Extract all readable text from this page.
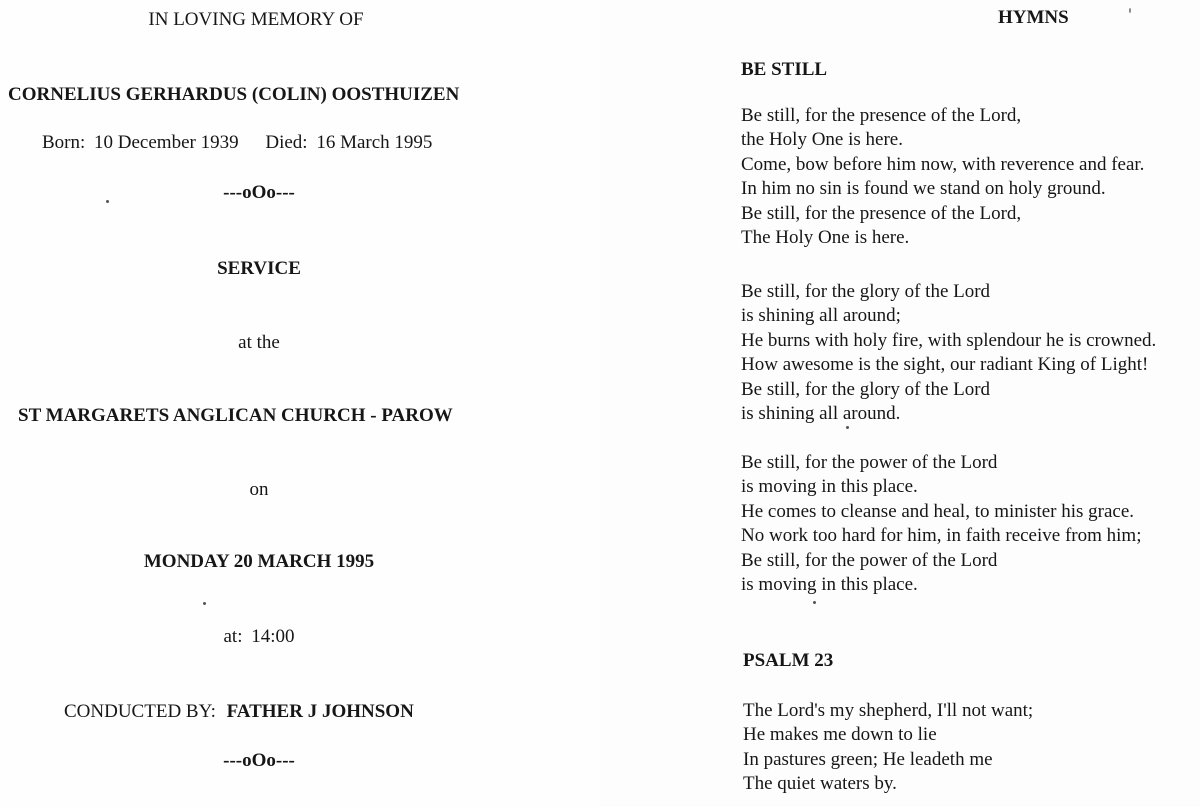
IN LOVING MEMORY OF
CORNELIUS GERHARDUS (COLIN) OOSTHUIZEN
Born: 10 December 1939 Died: 16 March 1995
---oOo---
SERVICE
at the
ST MARGARETS ANGLICAN CHURCH - PAROW
on
MONDAY 20 MARCH 1995
at: 14:00
CONDUCTED BY: FATHER J JOHNSON
---oOo---
HYMNS
BE STILL
Be still, for the presence of the Lord,
the Holy One is here.
Come, bow before him now, with reverence and fear.
In him no sin is found we stand on holy ground.
Be still, for the presence of the Lord,
The Holy One is here.
Be still, for the glory of the Lord
is shining all around;
He burns with holy fire, with splendour he is crowned.
How awesome is the sight, our radiant King of Light!
Be still, for the glory of the Lord
is shining all around.
Be still, for the power of the Lord
is moving in this place.
He comes to cleanse and heal, to minister his grace.
No work too hard for him, in faith receive from him;
Be still, for the power of the Lord
is moving in this place.
PSALM 23
The Lord's my shepherd, I'll not want;
He makes me down to lie
In pastures green; He leadeth me
The quiet waters by.
